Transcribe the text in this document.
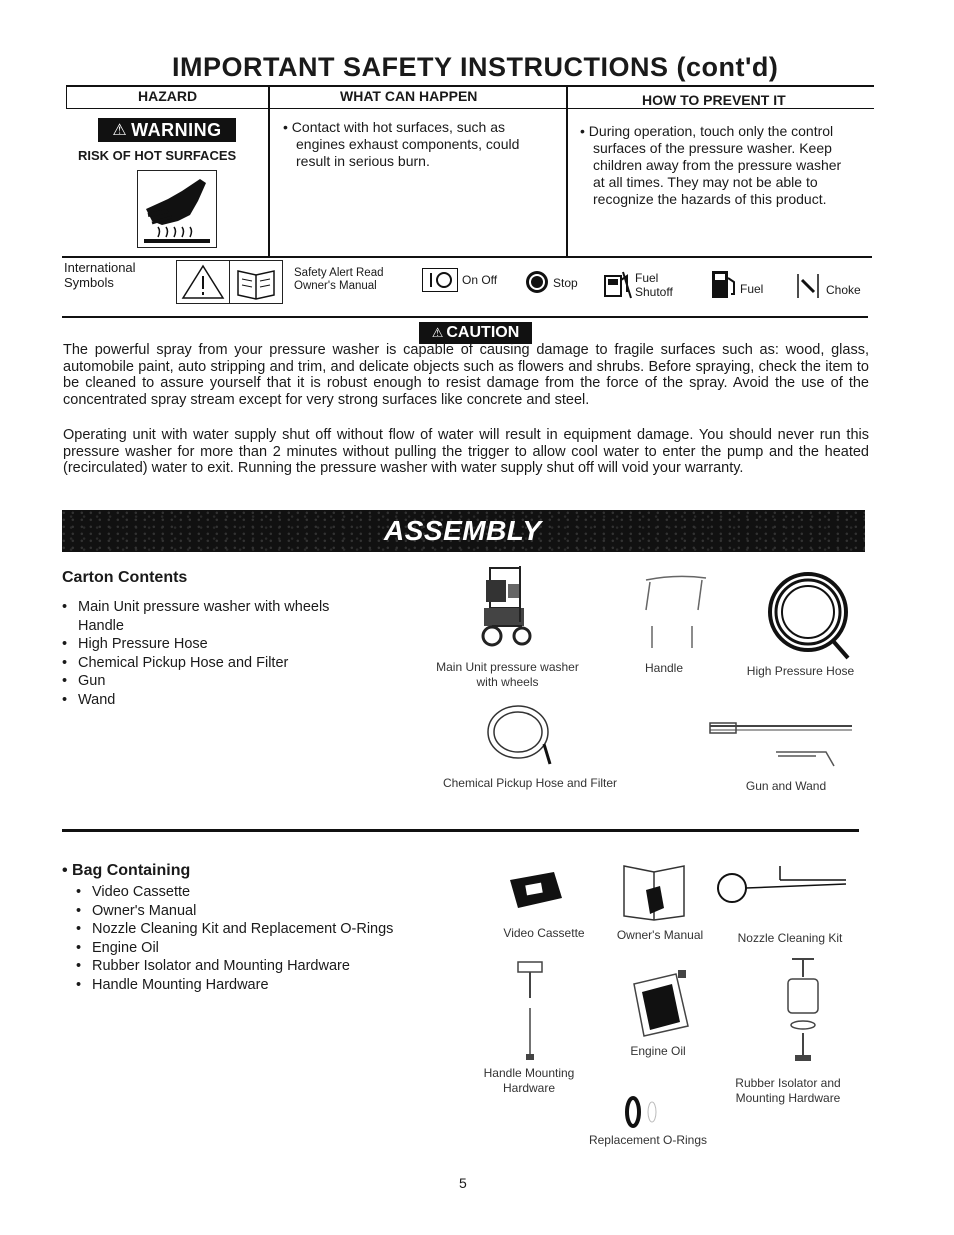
IMPORTANT SAFETY INSTRUCTIONS (cont'd)
HAZARD	WHAT CAN HAPPEN	HOW TO PREVENT IT
⚠ WARNING
RISK OF HOT SURFACES
• Contact with hot surfaces, such as
engines exhaust components, could
result in serious burn.
• During operation, touch only the control
surfaces of the pressure washer. Keep
children away from the pressure washer
at all times. They may not be able to
recognize the hazards of this product.
International
Symbols
Safety Alert Read
Owner's Manual	On Off	Stop	Fuel
Shutoff	Fuel	Choke
⚠ CAUTION
The powerful spray from your pressure washer is capable of causing damage to fragile surfaces such as: wood, glass, automobile paint, auto stripping and trim, and delicate objects such as flowers and shrubs. Before spraying, check the item to be cleaned to assure yourself that it is robust enough to resist damage from the force of the spray. Avoid the use of the concentrated spray stream except for very strong surfaces like concrete and steel.
Operating unit with water supply shut off without flow of water will result in equipment damage. You should never run this pressure washer for more than 2 minutes without pulling the trigger to allow cool water to enter the pump and the heated (recirculated) water to exit. Running the pressure washer with water supply shut off will void your warranty.
ASSEMBLY
Carton Contents
• Main Unit pressure washer with wheels
Handle
• High Pressure Hose
• Chemical Pickup Hose and Filter
• Gun
• Wand
Main Unit pressure washer
with wheels
Handle	High Pressure Hose
Chemical Pickup Hose and Filter	Gun and Wand
• Bag Containing
• Video Cassette
• Owner's Manual
• Nozzle Cleaning Kit and Replacement O-Rings
• Engine Oil
• Rubber Isolator and Mounting Hardware
• Handle Mounting Hardware
Video Cassette	Owner's Manual	Nozzle Cleaning Kit
Handle Mounting
Hardware
Engine Oil
Rubber Isolator and
Mounting Hardware
Replacement O-Rings
5
